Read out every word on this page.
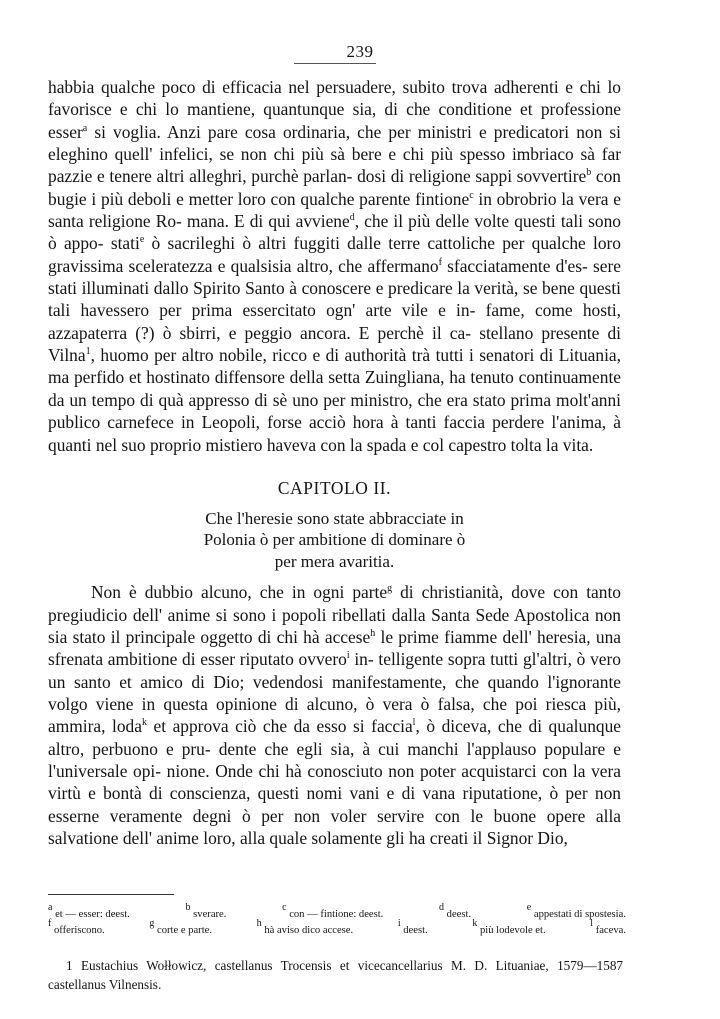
239

habbia qualche poco di efficacia nel persuadere, subito trova adherenti e chi lo favorisce e chi lo mantiene, quantunque sia, di che conditione et professione esser$^a$ si voglia. Anzi pare cosa ordinaria, che per ministri e predicatori non si eleghino quell' infelici, se non chi più sà bere e chi più spesso imbriaco sà far pazzie e tenere altri alleghri, purchè parlan- dosi di religione sappi sovvertire$^b$ con bugie i più deboli e metter loro con qualche parente fintione$^c$ in obrobrio la vera e santa religione Ro- mana. E di qui avviene$^d$, che il più delle volte questi tali sono ò appo- stati$^e$ ò sacrileghi ò altri fuggiti dalle terre cattoliche per qualche loro gravissima sceleratezza e qualsisia altro, che affermano$^f$ sfacciatamente d'es- sere stati illuminati dallo Spirito Santo à conoscere e predicare la verità, se bene questi tali havessero per prima essercitato ogn' arte vile e in- fame, come hosti, azzapaterra (?) ò sbirri, e peggio ancora. E perchè il ca- stellano presente di Vilna$^1$, huomo per altro nobile, ricco e di authorità trà tutti i senatori di Lituania, ma perfido et hostinato diffensore della setta Zuingliana, ha tenuto continuamente da un tempo di quà appresso di sè uno per ministro, che era stato prima molt'anni publico carnefece in Leopoli, forse acciò hora à tanti faccia perdere l'anima, à quanti nel suo proprio mistiero haveva con la spada e col capestro tolta la vita.

CAPITOLO II.
Che l'heresie sono state abbracciate in
Polonia ò per ambitione di dominare ò
per mera avaritia.

Non è dubbio alcuno, che in ogni parte$^g$ di christianità, dove con tanto pregiudicio dell' anime si sono i popoli ribellati dalla Santa Sede Apostolica non sia stato il principale oggetto di chi hà accese$^h$ le prime fiamme dell' heresia, una sfrenata ambitione di esser riputato ovvero$^i$ in- telligente sopra tutti gl'altri, ò vero un santo et amico di Dio; vedendosi manifestamente, che quando l'ignorante volgo viene in questa opinione di alcuno, ò vera ò falsa, che poi riesca più, ammira, loda$^k$ et approva ciò che da esso si faccia$^l$, ò diceva, che di qualunque altro, perbuono e pru- dente che egli sia, à cui manchi l'applauso populare e l'universale opi- nione. Onde chi hà conosciuto non poter acquistarci con la vera virtù e bontà di conscienza, questi nomi vani e di vana riputatione, ò per non esserne veramente degni ò per non voler servire con le buone opere alla salvatione dell' anime loro, alla quale solamente gli ha creati il Signor Dio,

$^a$ et — esser: deest.
$^b$ sverare.
$^c$ con — fintione: deest.
$^d$ deest.
$^e$ appestati di spostesia.
$^f$ offeriscono.
$^g$ corte e parte.
$^h$ hà aviso dico accese.
$^i$ deest.
$^k$ più lodevole et.
$^l$ faceva.

1 Eustachius Wołłowicz, castellanus Trocensis et vicecancellarius M. D. Lituaniae, 1579—1587 castellanus Vilnensis.
